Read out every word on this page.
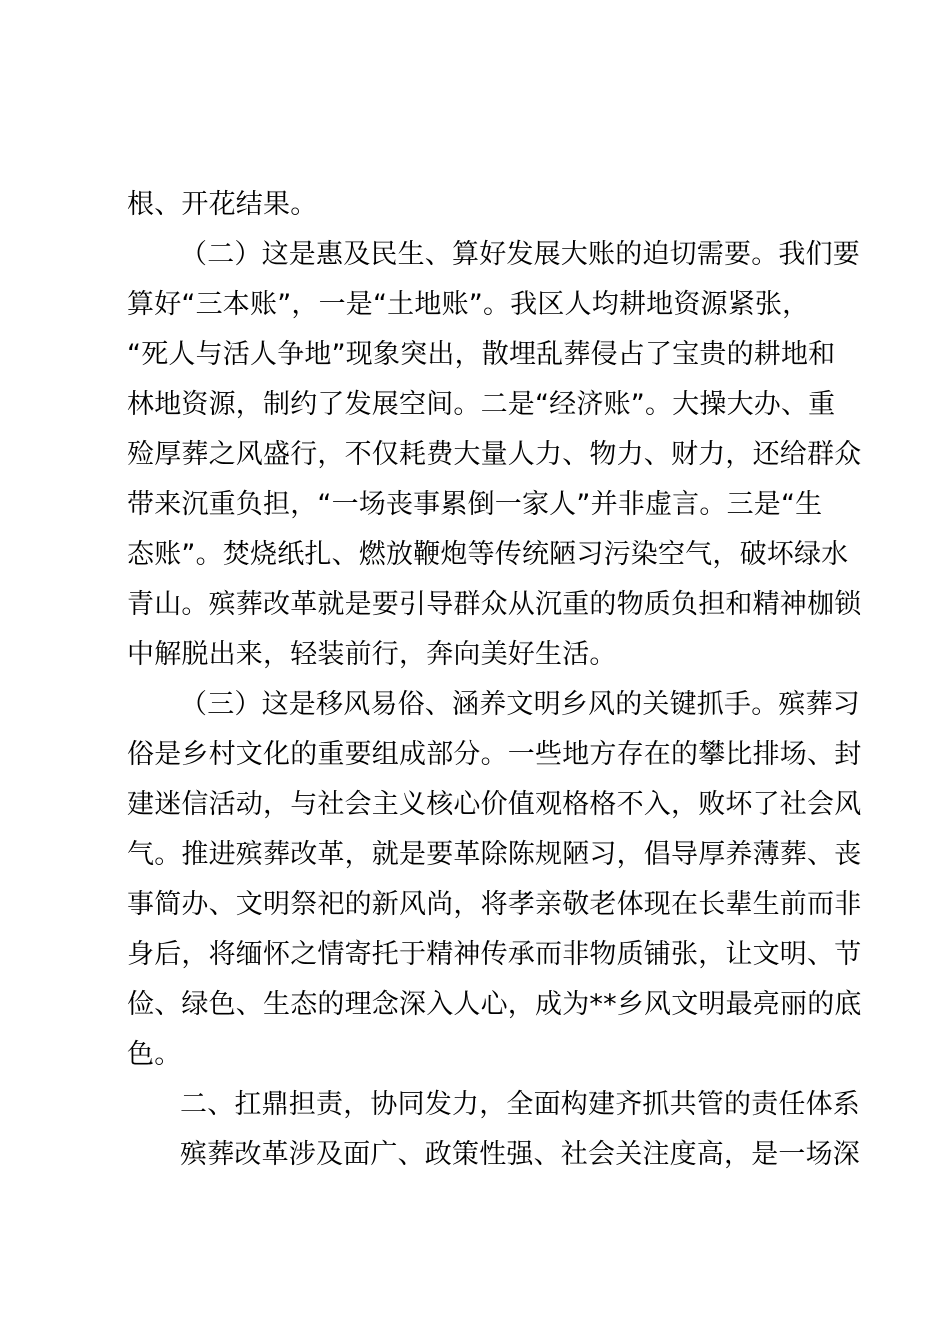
根、开花结果。
（二）这是惠及民生、算好发展大账的迫切需要。我们要
算好“三本账”，一是“土地账”。我区人均耕地资源紧张，
“死人与活人争地”现象突出，散埋乱葬侵占了宝贵的耕地和
林地资源，制约了发展空间。二是“经济账”。大操大办、重
殓厚葬之风盛行，不仅耗费大量人力、物力、财力，还给群众
带来沉重负担，“一场丧事累倒一家人”并非虚言。三是“生
态账”。焚烧纸扎、燃放鞭炮等传统陋习污染空气，破坏绿水
青山。殡葬改革就是要引导群众从沉重的物质负担和精神枷锁
中解脱出来，轻装前行，奔向美好生活。
（三）这是移风易俗、涵养文明乡风的关键抓手。殡葬习
俗是乡村文化的重要组成部分。一些地方存在的攀比排场、封
建迷信活动，与社会主义核心价值观格格不入，败坏了社会风
气。推进殡葬改革，就是要革除陈规陋习，倡导厚养薄葬、丧
事简办、文明祭祀的新风尚，将孝亲敬老体现在长辈生前而非
身后，将缅怀之情寄托于精神传承而非物质铺张，让文明、节
俭、绿色、生态的理念深入人心，成为**乡风文明最亮丽的底
色。
二、扛鼎担责，协同发力，全面构建齐抓共管的责任体系
殡葬改革涉及面广、政策性强、社会关注度高，是一场深
